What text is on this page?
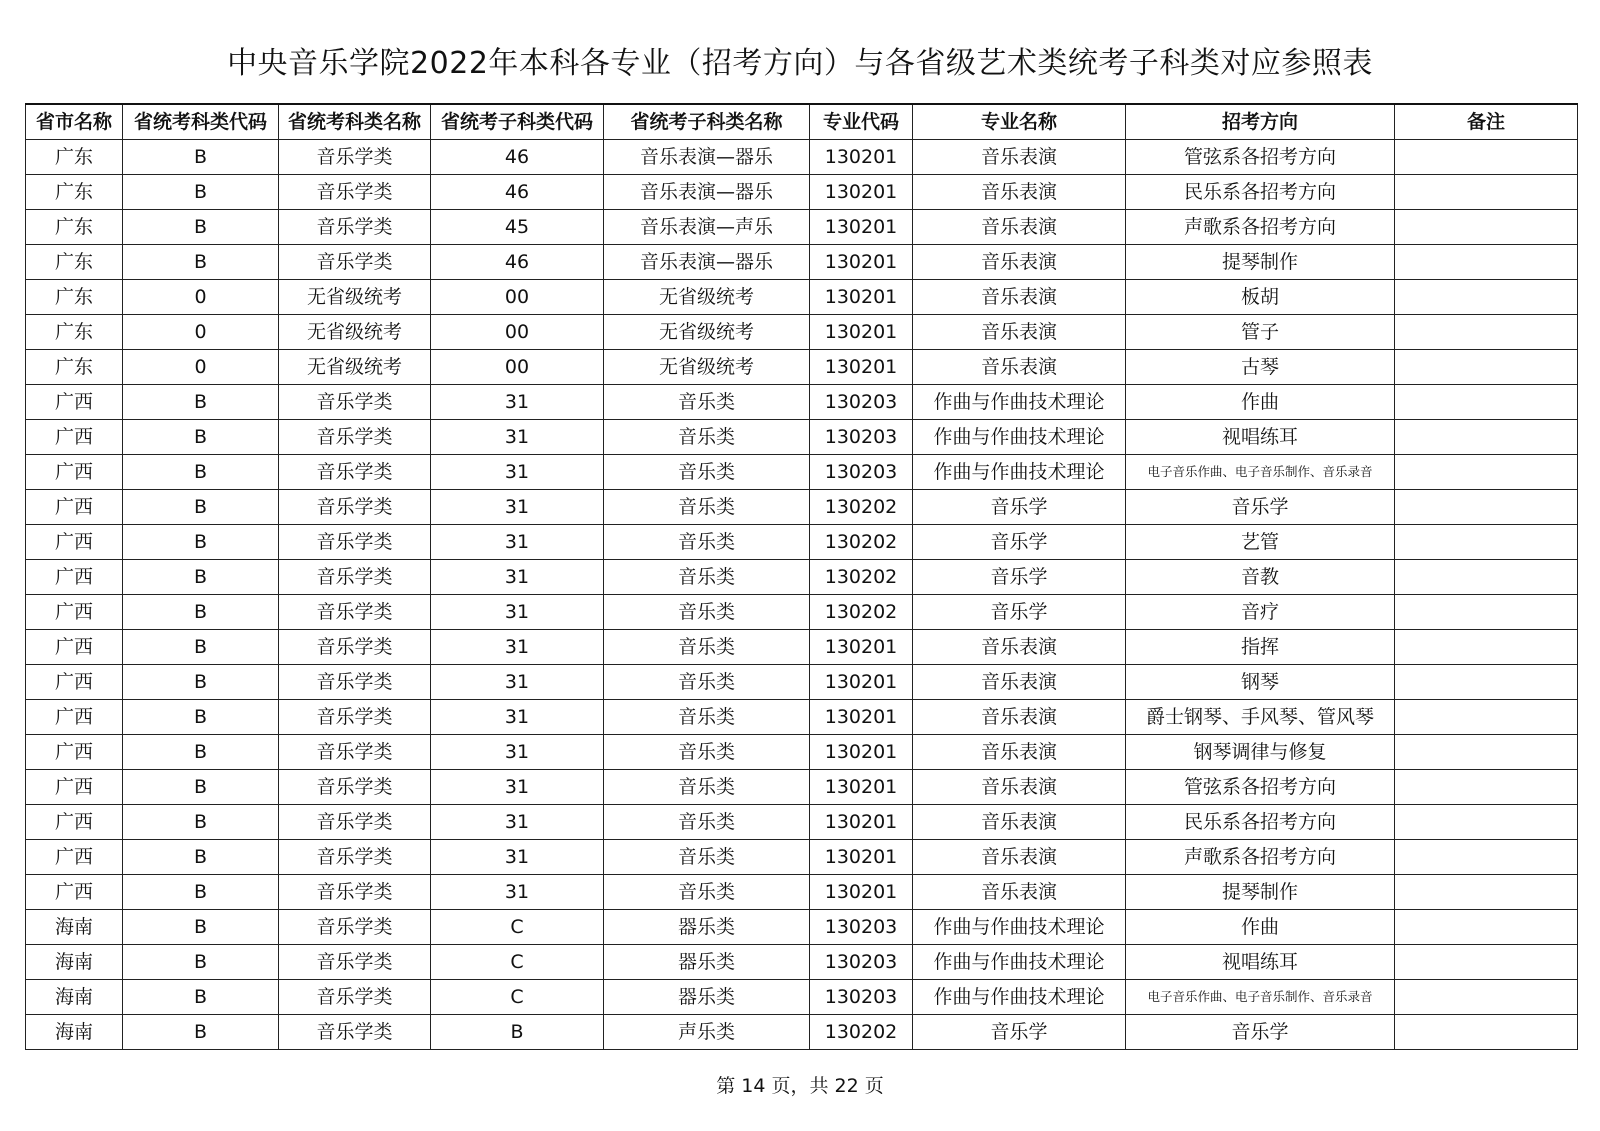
中央音乐学院2022年本科各专业（招考方向）与各省级艺术类统考子科类对应参照表
省市名称	省统考科类代码	省统考科类名称	省统考子科类代码	省统考子科类名称	专业代码	专业名称	招考方向	备注
广东	B	音乐学类	46	音乐表演—器乐	130201	音乐表演	管弦系各招考方向	
广东	B	音乐学类	46	音乐表演—器乐	130201	音乐表演	民乐系各招考方向	
广东	B	音乐学类	45	音乐表演—声乐	130201	音乐表演	声歌系各招考方向	
广东	B	音乐学类	46	音乐表演—器乐	130201	音乐表演	提琴制作	
广东	0	无省级统考	00	无省级统考	130201	音乐表演	板胡	
广东	0	无省级统考	00	无省级统考	130201	音乐表演	管子	
广东	0	无省级统考	00	无省级统考	130201	音乐表演	古琴	
广西	B	音乐学类	31	音乐类	130203	作曲与作曲技术理论	作曲	
广西	B	音乐学类	31	音乐类	130203	作曲与作曲技术理论	视唱练耳	
广西	B	音乐学类	31	音乐类	130203	作曲与作曲技术理论	电子音乐作曲、电子音乐制作、音乐录音	
广西	B	音乐学类	31	音乐类	130202	音乐学	音乐学	
广西	B	音乐学类	31	音乐类	130202	音乐学	艺管	
广西	B	音乐学类	31	音乐类	130202	音乐学	音教	
广西	B	音乐学类	31	音乐类	130202	音乐学	音疗	
广西	B	音乐学类	31	音乐类	130201	音乐表演	指挥	
广西	B	音乐学类	31	音乐类	130201	音乐表演	钢琴	
广西	B	音乐学类	31	音乐类	130201	音乐表演	爵士钢琴、手风琴、管风琴	
广西	B	音乐学类	31	音乐类	130201	音乐表演	钢琴调律与修复	
广西	B	音乐学类	31	音乐类	130201	音乐表演	管弦系各招考方向	
广西	B	音乐学类	31	音乐类	130201	音乐表演	民乐系各招考方向	
广西	B	音乐学类	31	音乐类	130201	音乐表演	声歌系各招考方向	
广西	B	音乐学类	31	音乐类	130201	音乐表演	提琴制作	
海南	B	音乐学类	C	器乐类	130203	作曲与作曲技术理论	作曲	
海南	B	音乐学类	C	器乐类	130203	作曲与作曲技术理论	视唱练耳	
海南	B	音乐学类	C	器乐类	130203	作曲与作曲技术理论	电子音乐作曲、电子音乐制作、音乐录音	
海南	B	音乐学类	B	声乐类	130202	音乐学	音乐学	
第 14 页，共 22 页
